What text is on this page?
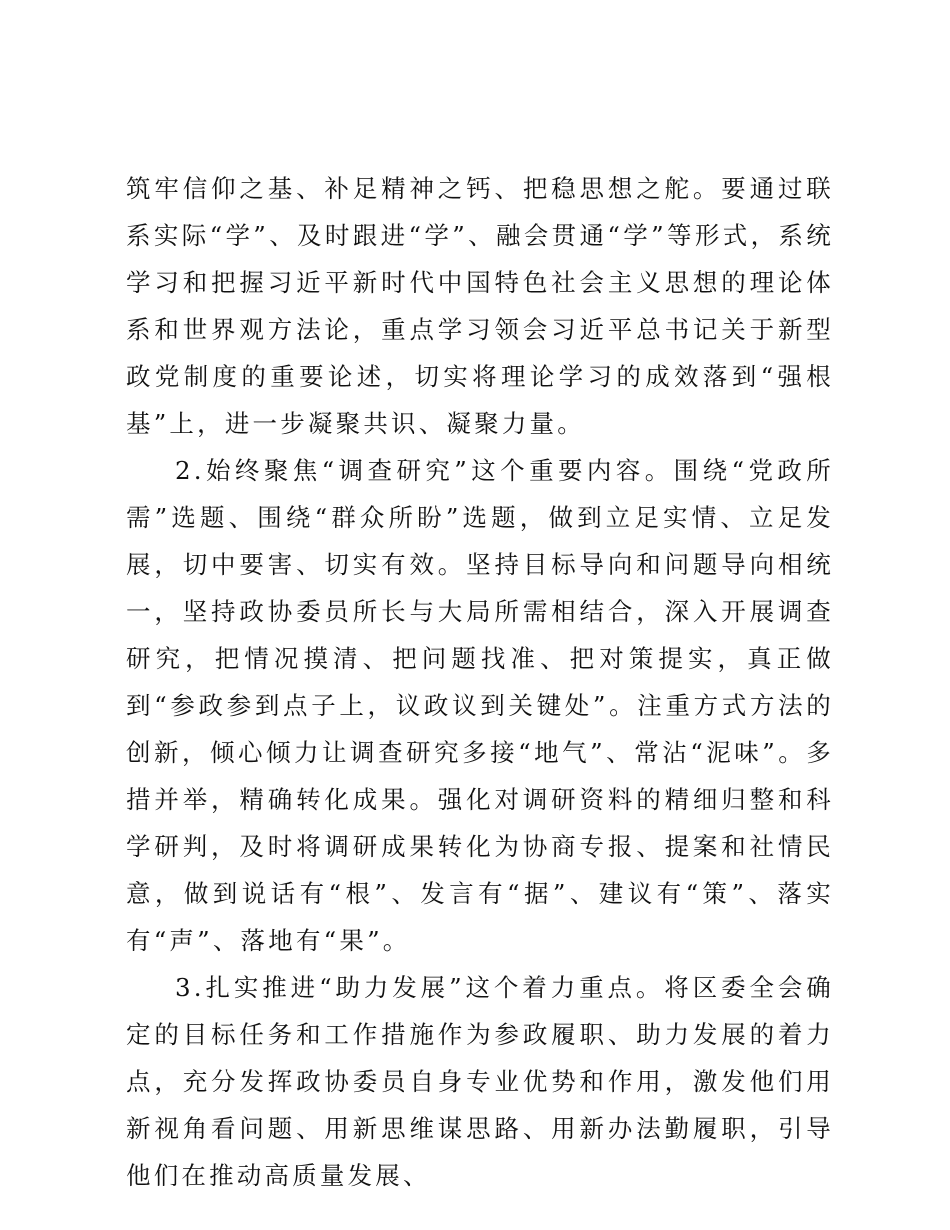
筑牢信仰之基、补足精神之钙、把稳思想之舵。要通过联系实际“学”、及时跟进“学”、融会贯通“学”等形式，系统学习和把握习近平新时代中国特色社会主义思想的理论体系和世界观方法论，重点学习领会习近平总书记关于新型政党制度的重要论述，切实将理论学习的成效落到“强根基”上，进一步凝聚共识、凝聚力量。

2.始终聚焦“调查研究”这个重要内容。围绕“党政所需”选题、围绕“群众所盼”选题，做到立足实情、立足发展，切中要害、切实有效。坚持目标导向和问题导向相统一，坚持政协委员所长与大局所需相结合，深入开展调查研究，把情况摸清、把问题找准、把对策提实，真正做到“参政参到点子上，议政议到关键处”。注重方式方法的创新，倾心倾力让调查研究多接“地气”、常沾“泥味”。多措并举，精确转化成果。强化对调研资料的精细归整和科学研判，及时将调研成果转化为协商专报、提案和社情民意，做到说话有“根”、发言有“据”、建议有“策”、落实有“声”、落地有“果”。

3.扎实推进“助力发展”这个着力重点。将区委全会确定的目标任务和工作措施作为参政履职、助力发展的着力点，充分发挥政协委员自身专业优势和作用，激发他们用新视角看问题、用新思维谋思路、用新办法勤履职，引导他们在推动高质量发展、
